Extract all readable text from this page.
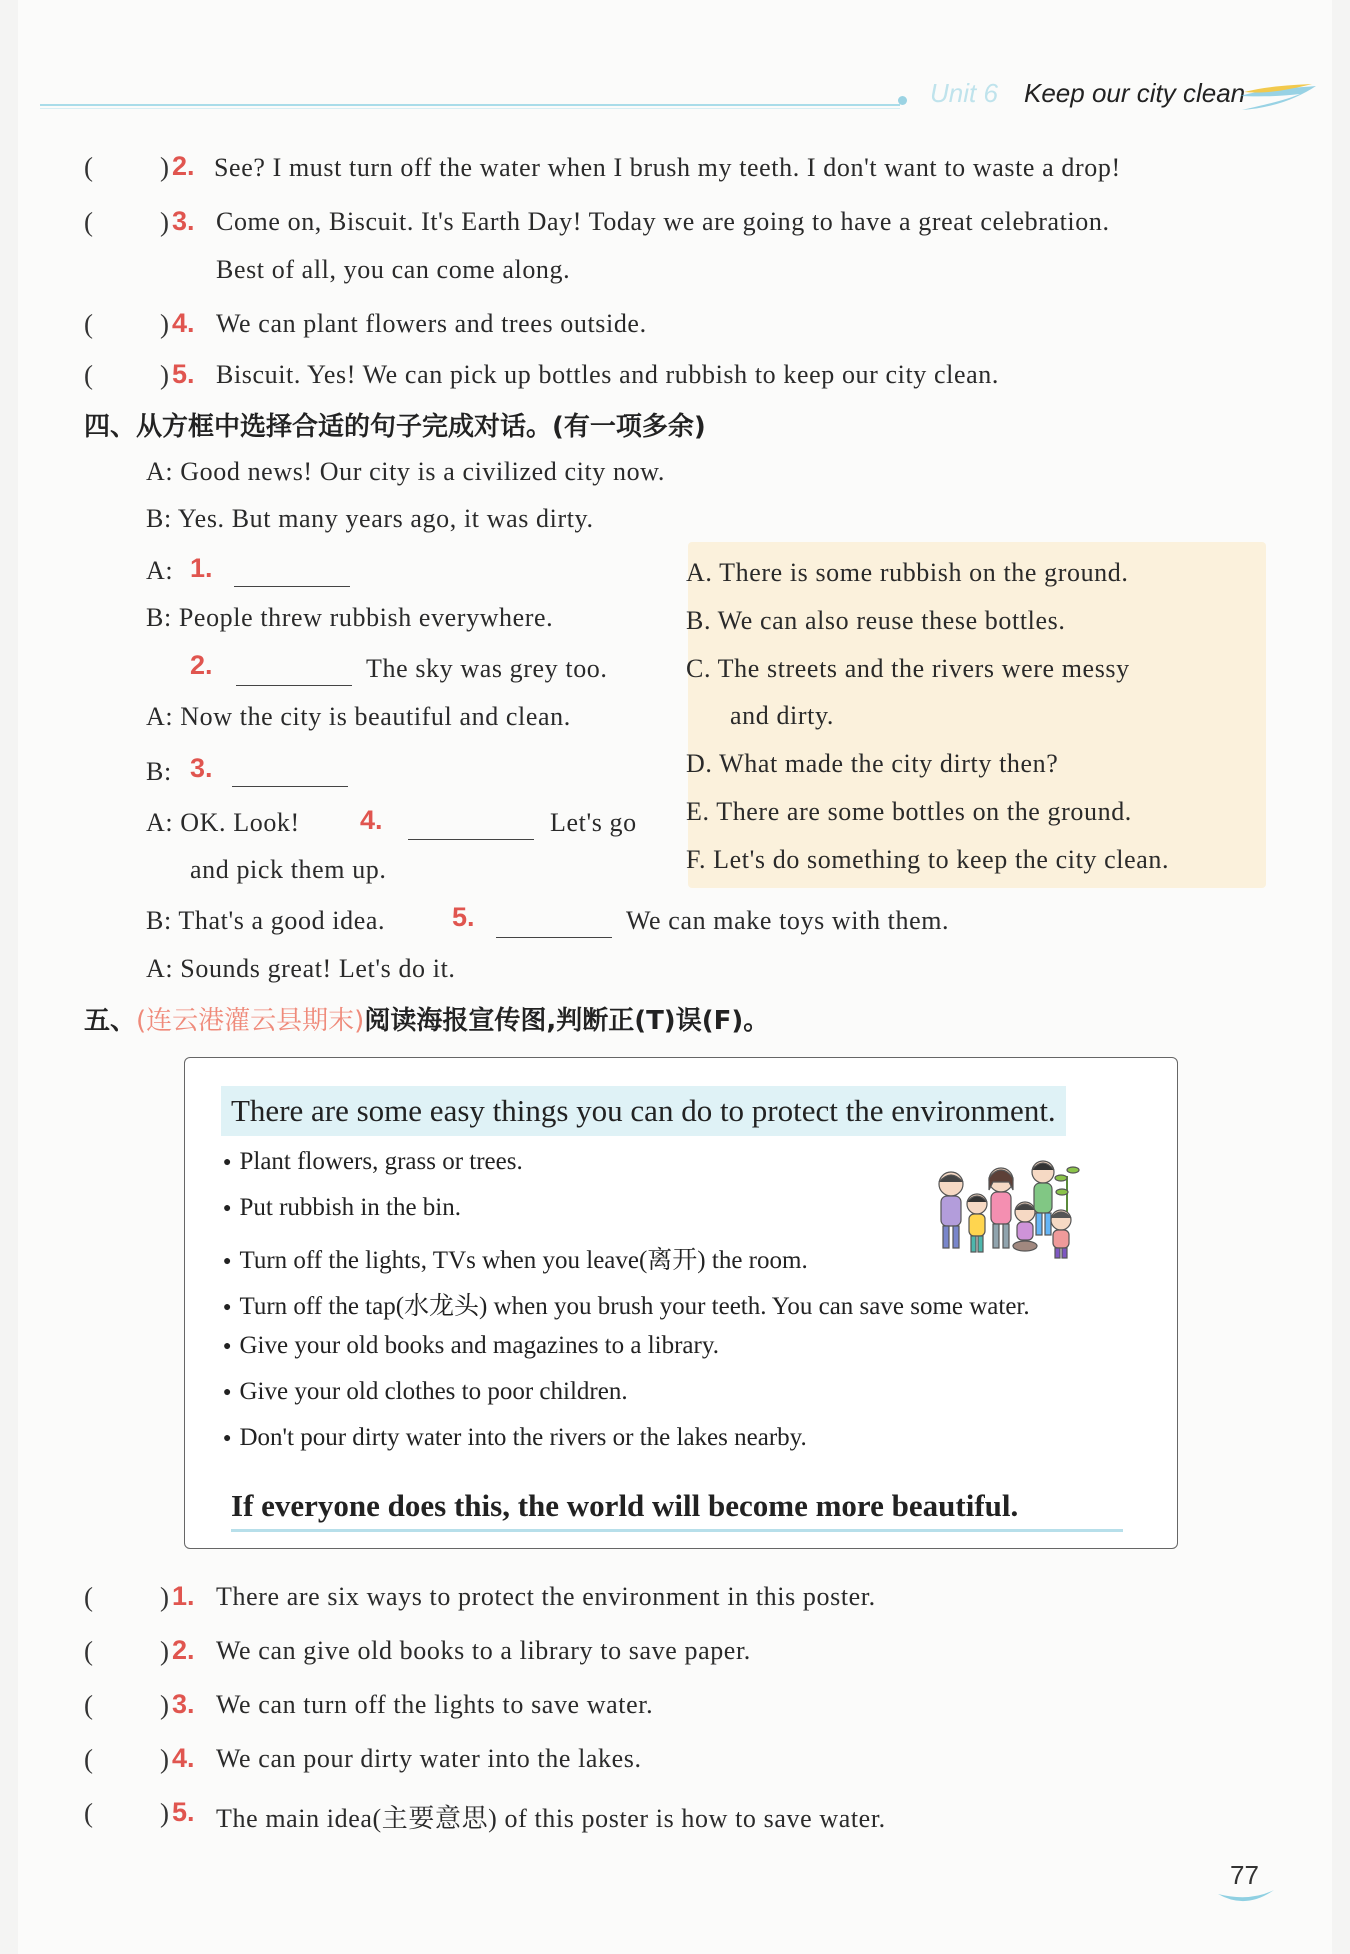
Unit 6 Keep our city clean
( ) 2. See? I must turn off the water when I brush my teeth. I don't want to waste a drop!
( ) 3. Come on, Biscuit. It's Earth Day! Today we are going to have a great celebration.
Best of all, you can come along.
( ) 4. We can plant flowers and trees outside.
( ) 5. Biscuit. Yes! We can pick up bottles and rubbish to keep our city clean.
四、从方框中选择合适的句子完成对话。(有一项多余)
A: Good news! Our city is a civilized city now.
B: Yes. But many years ago, it was dirty.
A: 1.
B: People threw rubbish everywhere.
2.	The sky was grey too.
A: Now the city is beautiful and clean.
B: 3.
A: OK. Look! 4.	Let's go
and pick them up.
B: That's a good idea. 5.	We can make toys with them.
A: Sounds great! Let's do it.
A. There is some rubbish on the ground.
B. We can also reuse these bottles.
C. The streets and the rivers were messy
and dirty.
D. What made the city dirty then?
E. There are some bottles on the ground.
F. Let's do something to keep the city clean.
五、(连云港灌云县期末)阅读海报宣传图,判断正(T)误(F)。
There are some easy things you can do to protect the environment.
● Plant flowers, grass or trees.
● Put rubbish in the bin.
● Turn off the lights, TVs when you leave(离开) the room.
● Turn off the tap(水龙头) when you brush your teeth. You can save some water.
● Give your old books and magazines to a library.
● Give your old clothes to poor children.
● Don't pour dirty water into the rivers or the lakes nearby.
If everyone does this, the world will become more beautiful.
( ) 1. There are six ways to protect the environment in this poster.
( ) 2. We can give old books to a library to save paper.
( ) 3. We can turn off the lights to save water.
( ) 4. We can pour dirty water into the lakes.
( ) 5. The main idea(主要意思) of this poster is how to save water.
77
